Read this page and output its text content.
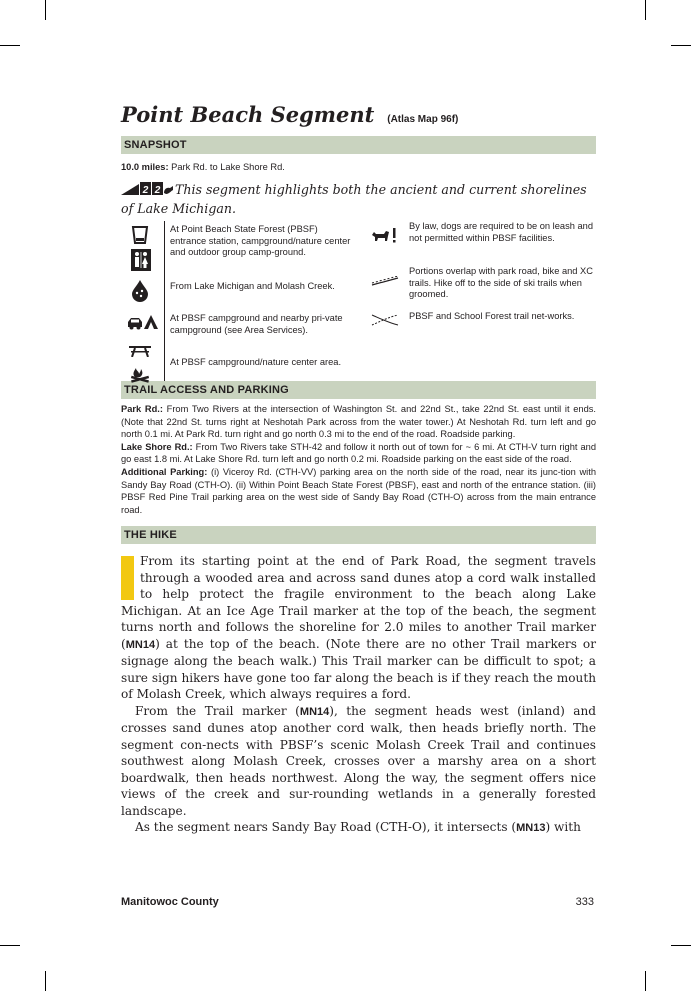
Point Beach Segment (Atlas Map 96f)
SNAPSHOT
10.0 miles: Park Rd. to Lake Shore Rd.
2 2 This segment highlights both the ancient and current shorelines of Lake Michigan.
At Point Beach State Forest (PBSF) entrance station, campground/nature center and outdoor group camp-ground.
From Lake Michigan and Molash Creek.
At PBSF campground and nearby pri-vate campground (see Area Services).
At PBSF campground/nature center area.
By law, dogs are required to be on leash and not permitted within PBSF facilities.
Portions overlap with park road, bike and XC trails. Hike off to the side of ski trails when groomed.
PBSF and School Forest trail net-works.
TRAIL ACCESS AND PARKING

Park Rd.: From Two Rivers at the intersection of Washington St. and 22nd St., take 22nd St. east until it ends. (Note that 22nd St. turns right at Neshotah Park across from the water tower.) At Neshotah Rd. turn left and go north 0.1 mi. At Park Rd. turn right and go north 0.3 mi to the end of the road. Roadside parking.

Lake Shore Rd.: From Two Rivers take STH-42 and follow it north out of town for ~ 6 mi. At CTH-V turn right and go east 1.8 mi. At Lake Shore Rd. turn left and go north 0.2 mi. Roadside parking on the east side of the road.

Additional Parking: (i) Viceroy Rd. (CTH-VV) parking area on the north side of the road, near its junc-tion with Sandy Bay Road (CTH-O). (ii) Within Point Beach State Forest (PBSF), east and north of the entrance station. (iii) PBSF Red Pine Trail parking area on the west side of Sandy Bay Road (CTH-O) across from the main entrance road.

THE HIKE

From its starting point at the end of Park Road, the segment travels through a wooded area and across sand dunes atop a cord walk installed to help protect the fragile environment to the beach along Lake Michigan. At an Ice Age Trail marker at the top of the beach, the segment turns north and follows the shoreline for 2.0 miles to another Trail marker (MN14) at the top of the beach. (Note there are no other Trail markers or signage along the beach walk.) This Trail marker can be difficult to spot; a sure sign hikers have gone too far along the beach is if they reach the mouth of Molash Creek, which always requires a ford.

From the Trail marker (MN14), the segment heads west (inland) and crosses sand dunes atop another cord walk, then heads briefly north. The segment con-nects with PBSF’s scenic Molash Creek Trail and continues southwest along Molash Creek, crosses over a marshy area on a short boardwalk, then heads northwest. Along the way, the segment offers nice views of the creek and sur-rounding wetlands in a generally forested landscape.

As the segment nears Sandy Bay Road (CTH-O), it intersects (MN13) with

Manitowoc County	333
